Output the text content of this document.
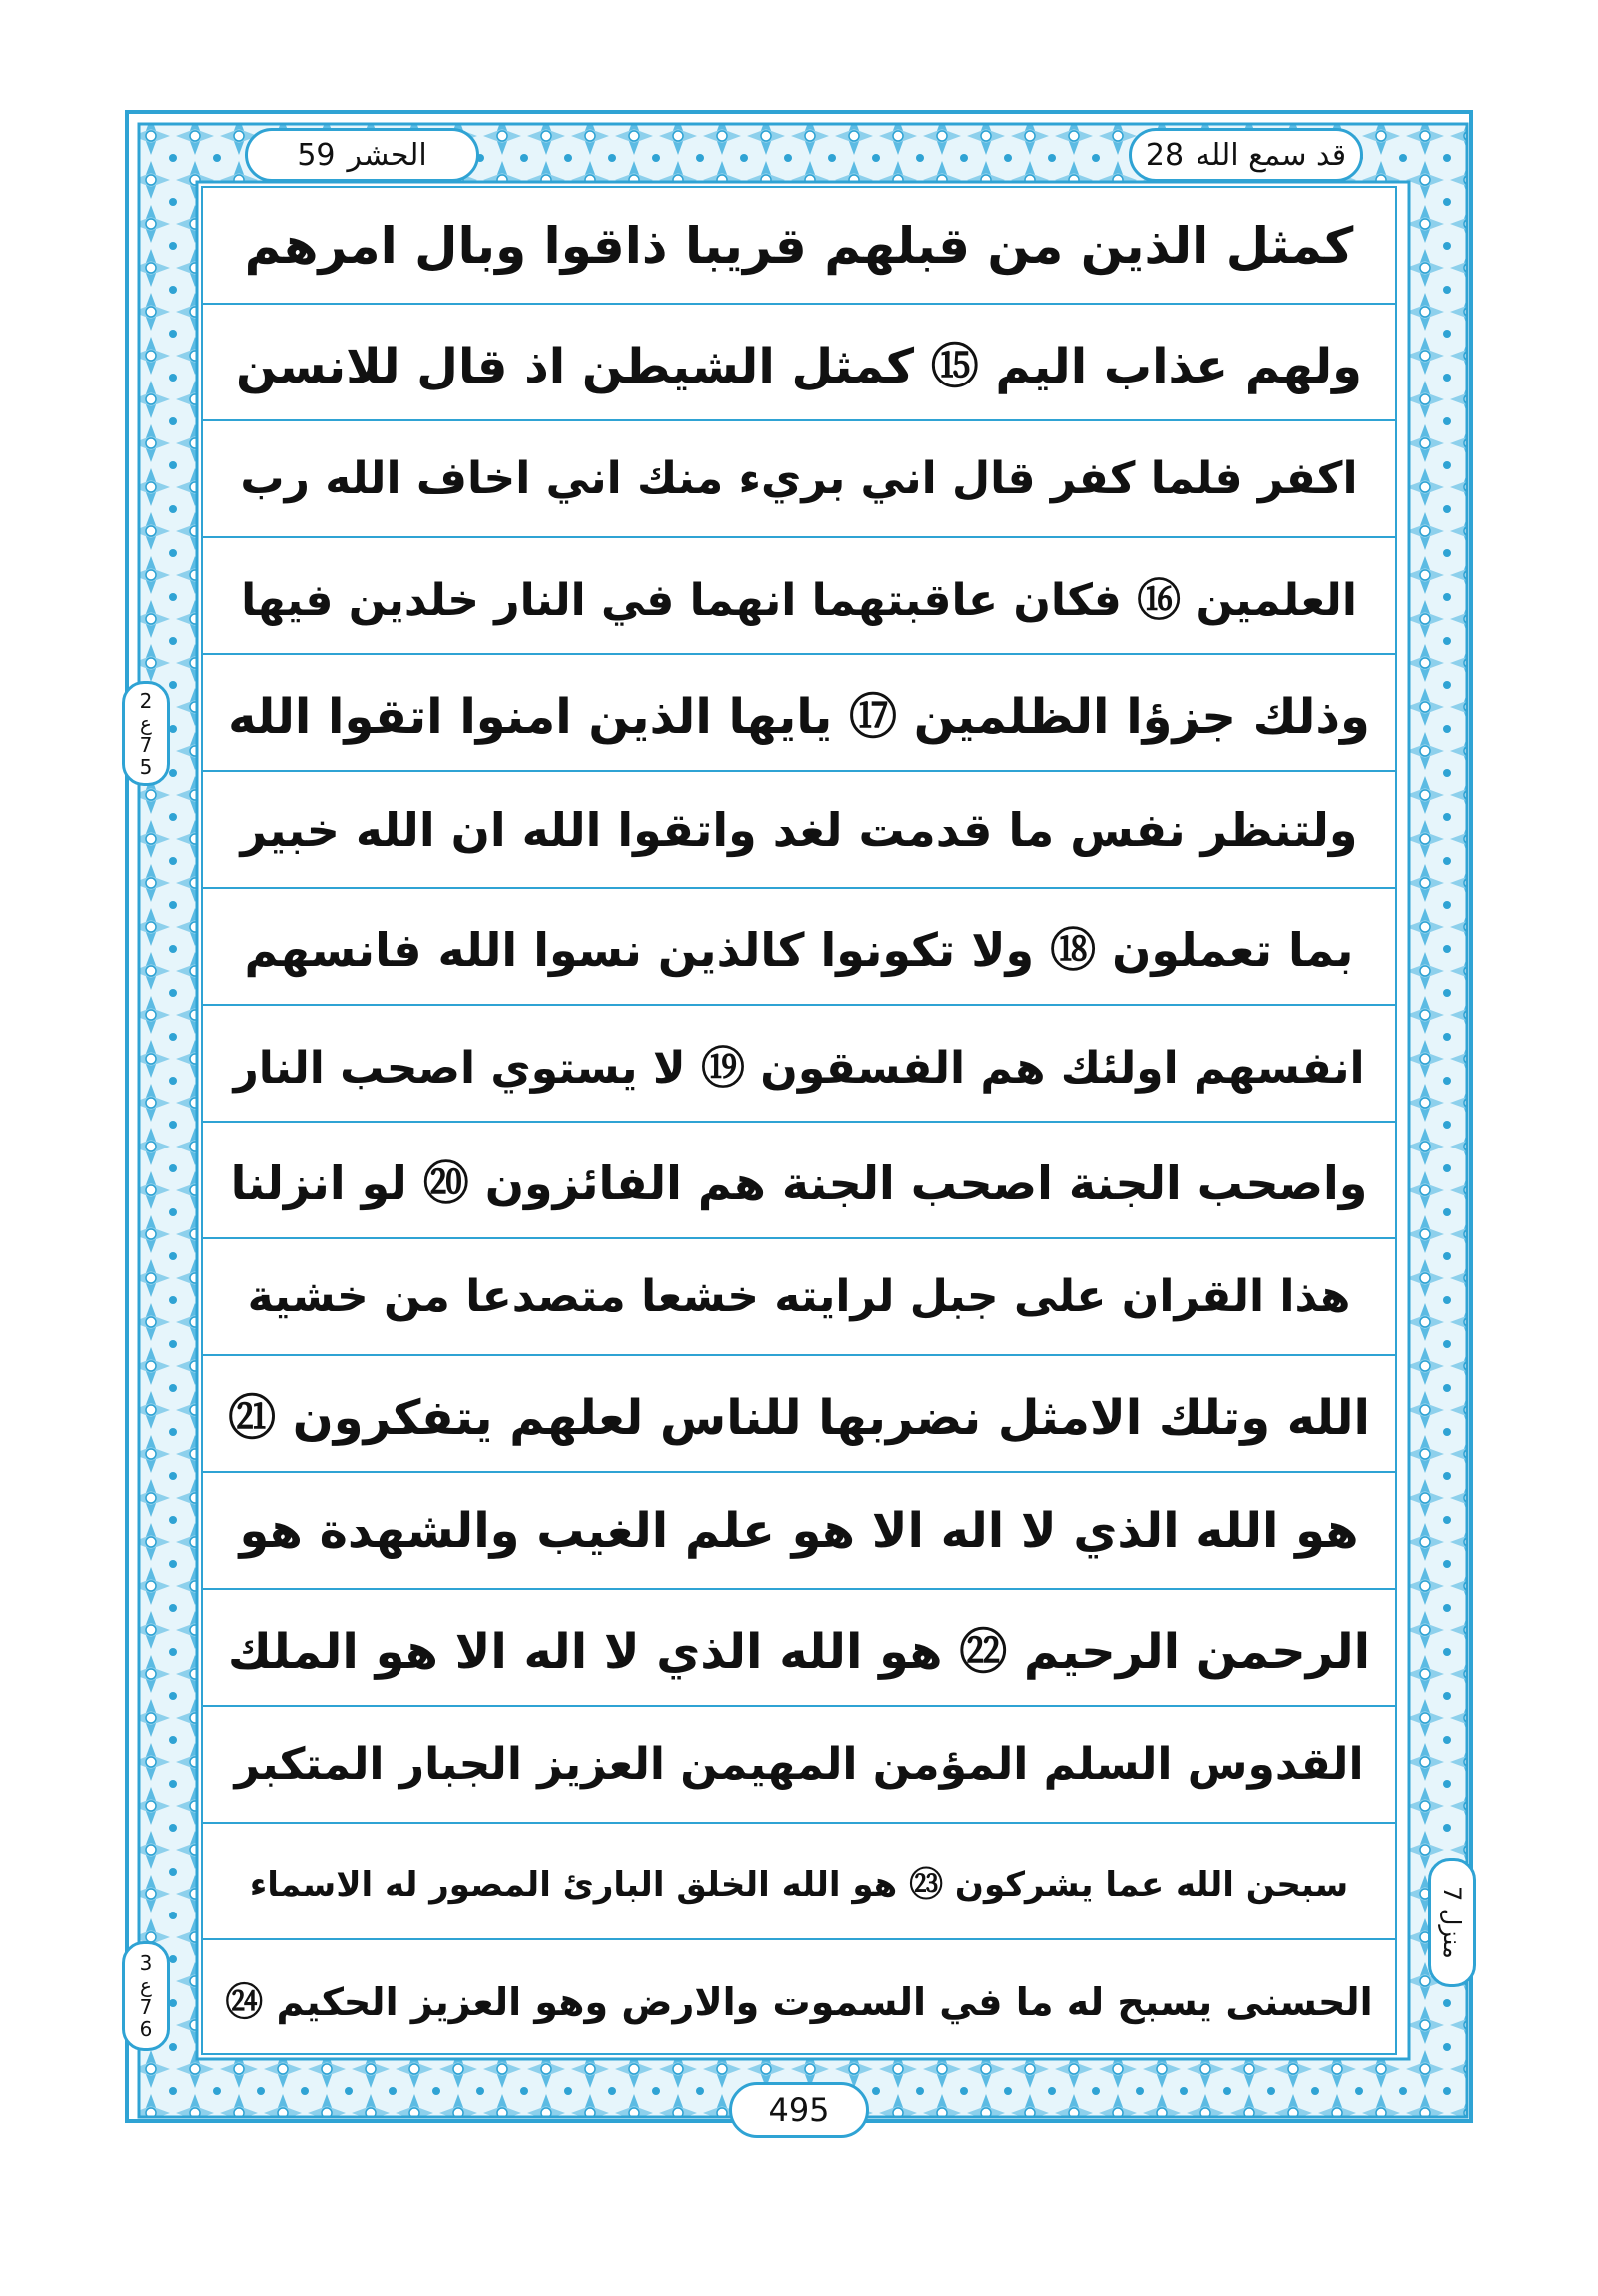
كمثل الذين من قبلهم قريبا ذاقوا وبال امرهم
ولهم عذاب اليم ⑮ كمثل الشيطن اذ قال للانسن
اكفر فلما كفر قال اني بريء منك اني اخاف الله رب
العلمين ⑯ فكان عاقبتهما انهما في النار خلدين فيها
وذلك جزؤا الظلمين ⑰ يايها الذين امنوا اتقوا الله
ولتنظر نفس ما قدمت لغد واتقوا الله ان الله خبير
بما تعملون ⑱ ولا تكونوا كالذين نسوا الله فانسهم
انفسهم اولئك هم الفسقون ⑲ لا يستوي اصحب النار
واصحب الجنة اصحب الجنة هم الفائزون ⑳ لو انزلنا
هذا القران على جبل لرايته خشعا متصدعا من خشية
الله وتلك الامثل نضربها للناس لعلهم يتفكرون ㉑
هو الله الذي لا اله الا هو علم الغيب والشهدة هو
الرحمن الرحيم ㉒ هو الله الذي لا اله الا هو الملك
القدوس السلم المؤمن المهيمن العزيز الجبار المتكبر
سبحن الله عما يشركون ㉓ هو الله الخلق البارئ المصور له الاسماء
الحسنى يسبح له ما في السموت والارض وهو العزيز الحكيم ㉔
قد سمع الله
28
الحشر
59
2
ع
7
5
3
ع
7
6
منزل 7
495
